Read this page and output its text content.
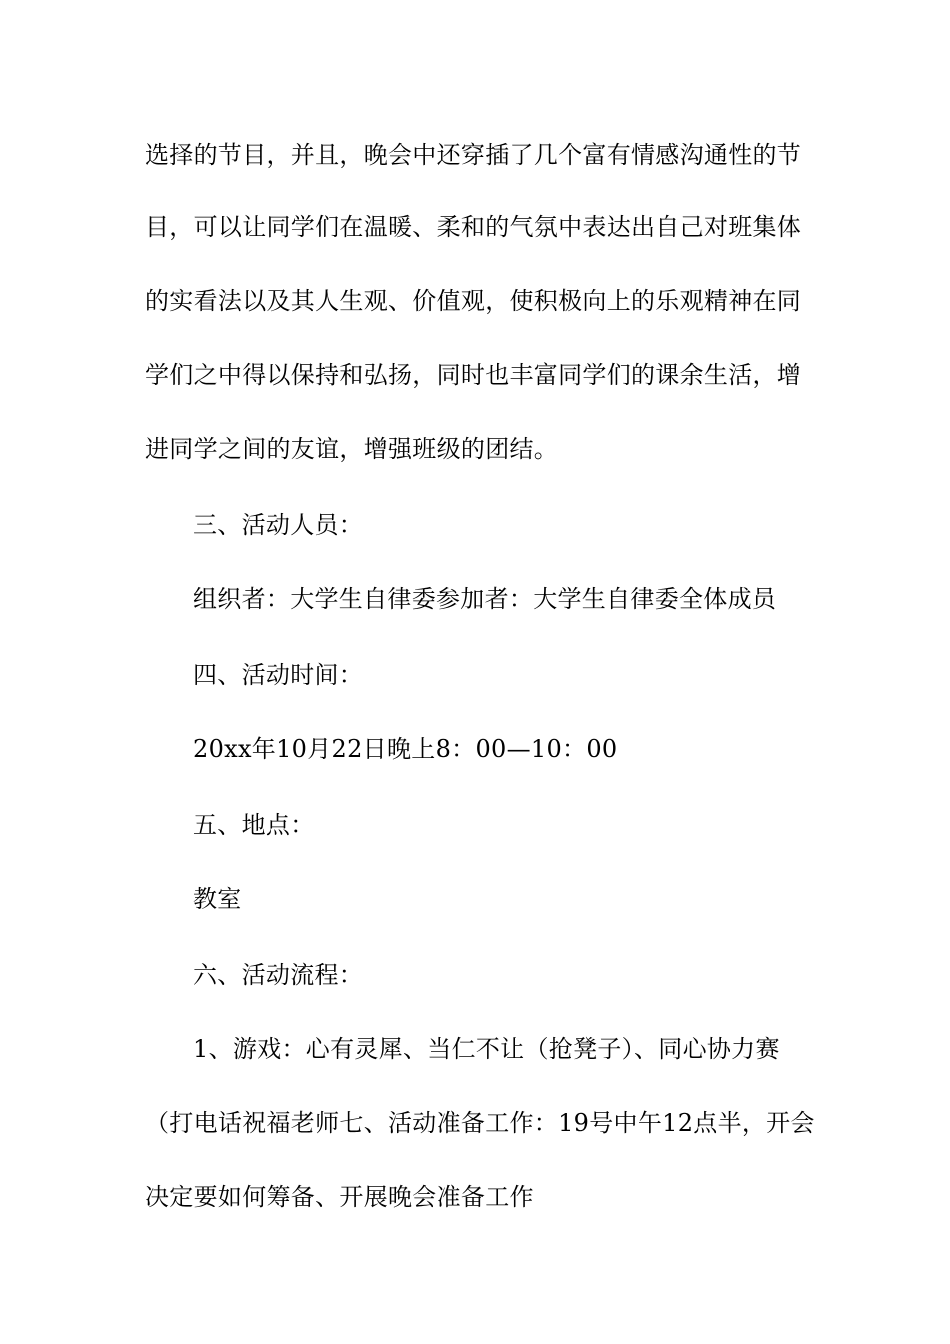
选择的节目，并且，晚会中还穿插了几个富有情感沟通性的节
目，可以让同学们在温暖、柔和的气氛中表达出自己对班集体
的实看法以及其人生观、价值观，使积极向上的乐观精神在同
学们之中得以保持和弘扬，同时也丰富同学们的课余生活，增
进同学之间的友谊，增强班级的团结。
三、活动人员：
组织者：大学生自律委参加者：大学生自律委全体成员
四、活动时间：
20xx年10月22日晚上8：00—10：00
五、地点：
教室
六、活动流程：
1、游戏：心有灵犀、当仁不让（抢凳子）、同心协力赛
（打电话祝福老师七、活动准备工作：19号中午12点半，开会
决定要如何筹备、开展晚会准备工作
